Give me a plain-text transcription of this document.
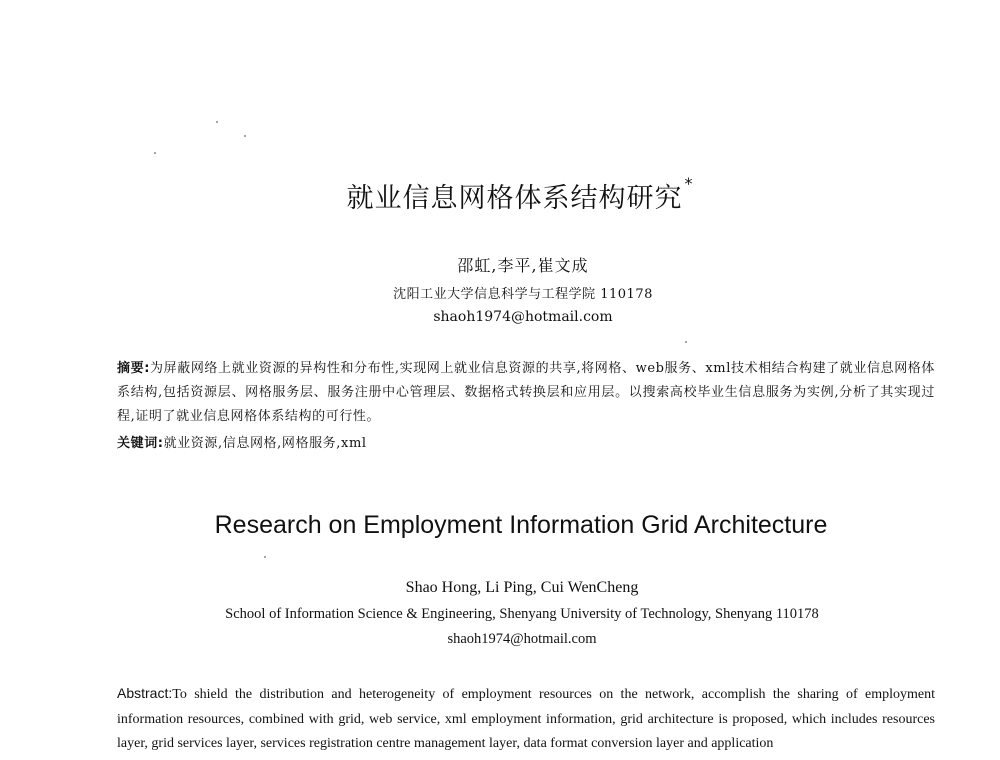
就业信息网格体系结构研究 *
邵虹,李平,崔文成
沈阳工业大学信息科学与工程学院 110178
shaoh1974@hotmail.com
摘要:为屏蔽网络上就业资源的异构性和分布性,实现网上就业信息资源的共享,将网格、web服务、xml技术相结合构建了就业信息网格体系结构,包括资源层、网格服务层、服务注册中心管理层、数据格式转换层和应用层。以搜索高校毕业生信息服务为实例,分析了其实现过程,证明了就业信息网格体系结构的可行性。
关键词:就业资源,信息网格,网格服务,xml
Research on Employment Information Grid Architecture
Shao Hong, Li Ping, Cui WenCheng
School of Information Science & Engineering, Shenyang University of Technology, Shenyang 110178
shaoh1974@hotmail.com
Abstract:To shield the distribution and heterogeneity of employment resources on the network, accomplish the sharing of employment information resources, combined with grid, web service, xml employment information, grid architecture is proposed, which includes resources layer, grid services layer, services registration centre management layer, data format conversion layer and application
